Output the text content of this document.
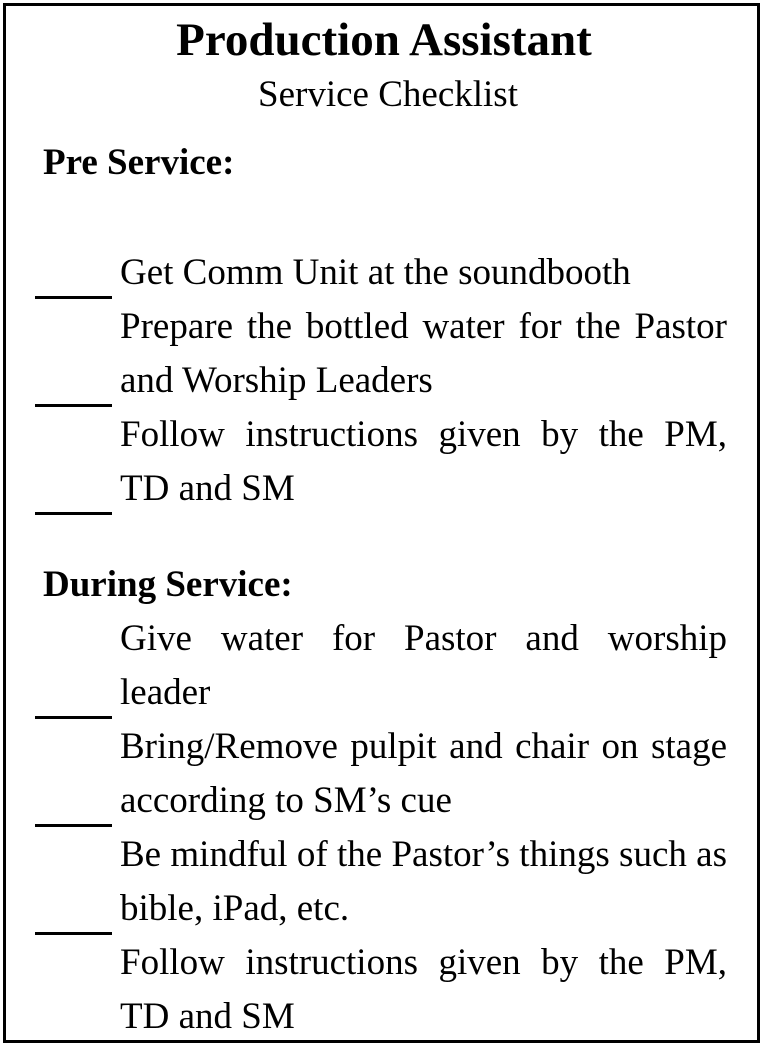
Production Assistant
Service Checklist
Pre Service:
Get Comm Unit at the soundbooth
Prepare the bottled water for the Pastor and Worship Leaders
Follow instructions given by the PM, TD and SM
During Service:
Give water for Pastor and worship leader
Bring/Remove pulpit and chair on stage according to SM’s cue
Be mindful of the Pastor’s things such as bible, iPad, etc.
Follow instructions given by the PM, TD and SM
